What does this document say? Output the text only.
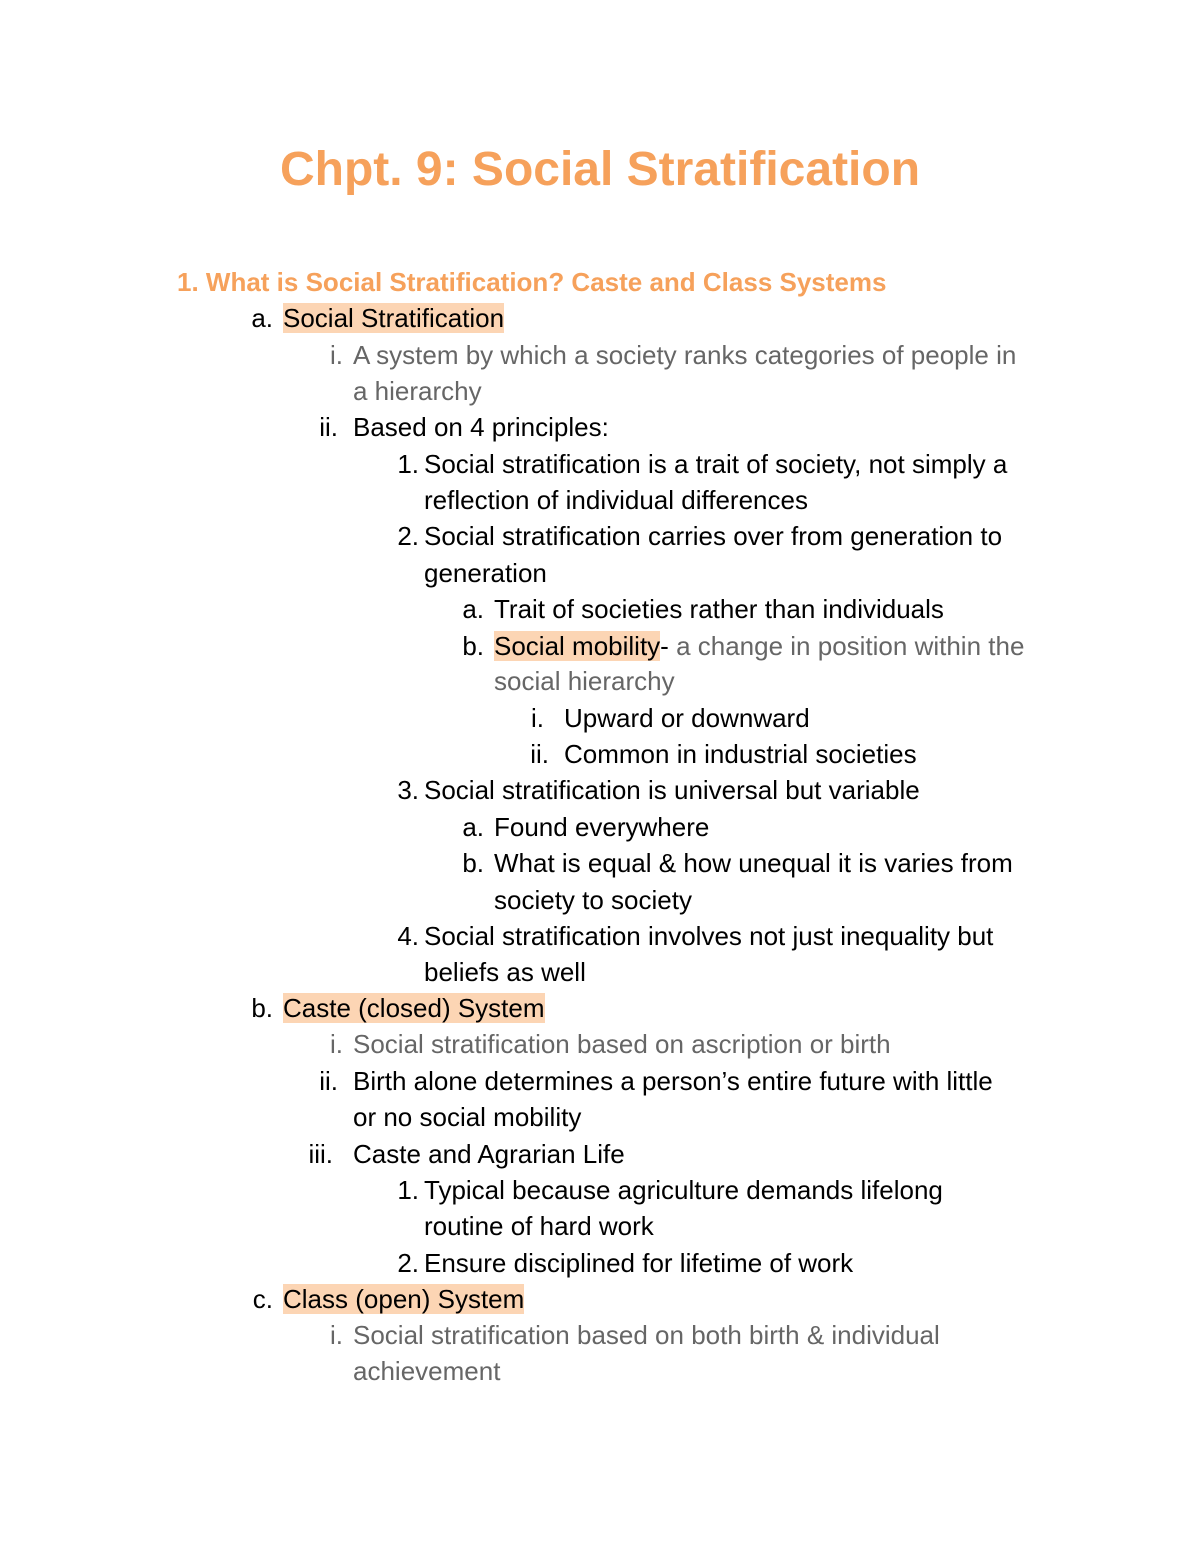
Chpt. 9: Social Stratification
1. What is Social Stratification? Caste and Class Systems
a. Social Stratification
i. A system by which a society ranks categories of people in
a hierarchy
ii. Based on 4 principles:
1. Social stratification is a trait of society, not simply a
reflection of individual differences
2. Social stratification carries over from generation to
generation
a. Trait of societies rather than individuals
b. Social mobility- a change in position within the
social hierarchy
i. Upward or downward
ii. Common in industrial societies
3. Social stratification is universal but variable
a. Found everywhere
b. What is equal & how unequal it is varies from
society to society
4. Social stratification involves not just inequality but
beliefs as well
b. Caste (closed) System
i. Social stratification based on ascription or birth
ii. Birth alone determines a person’s entire future with little
or no social mobility
iii. Caste and Agrarian Life
1. Typical because agriculture demands lifelong
routine of hard work
2. Ensure disciplined for lifetime of work
c. Class (open) System
i. Social stratification based on both birth & individual
achievement
